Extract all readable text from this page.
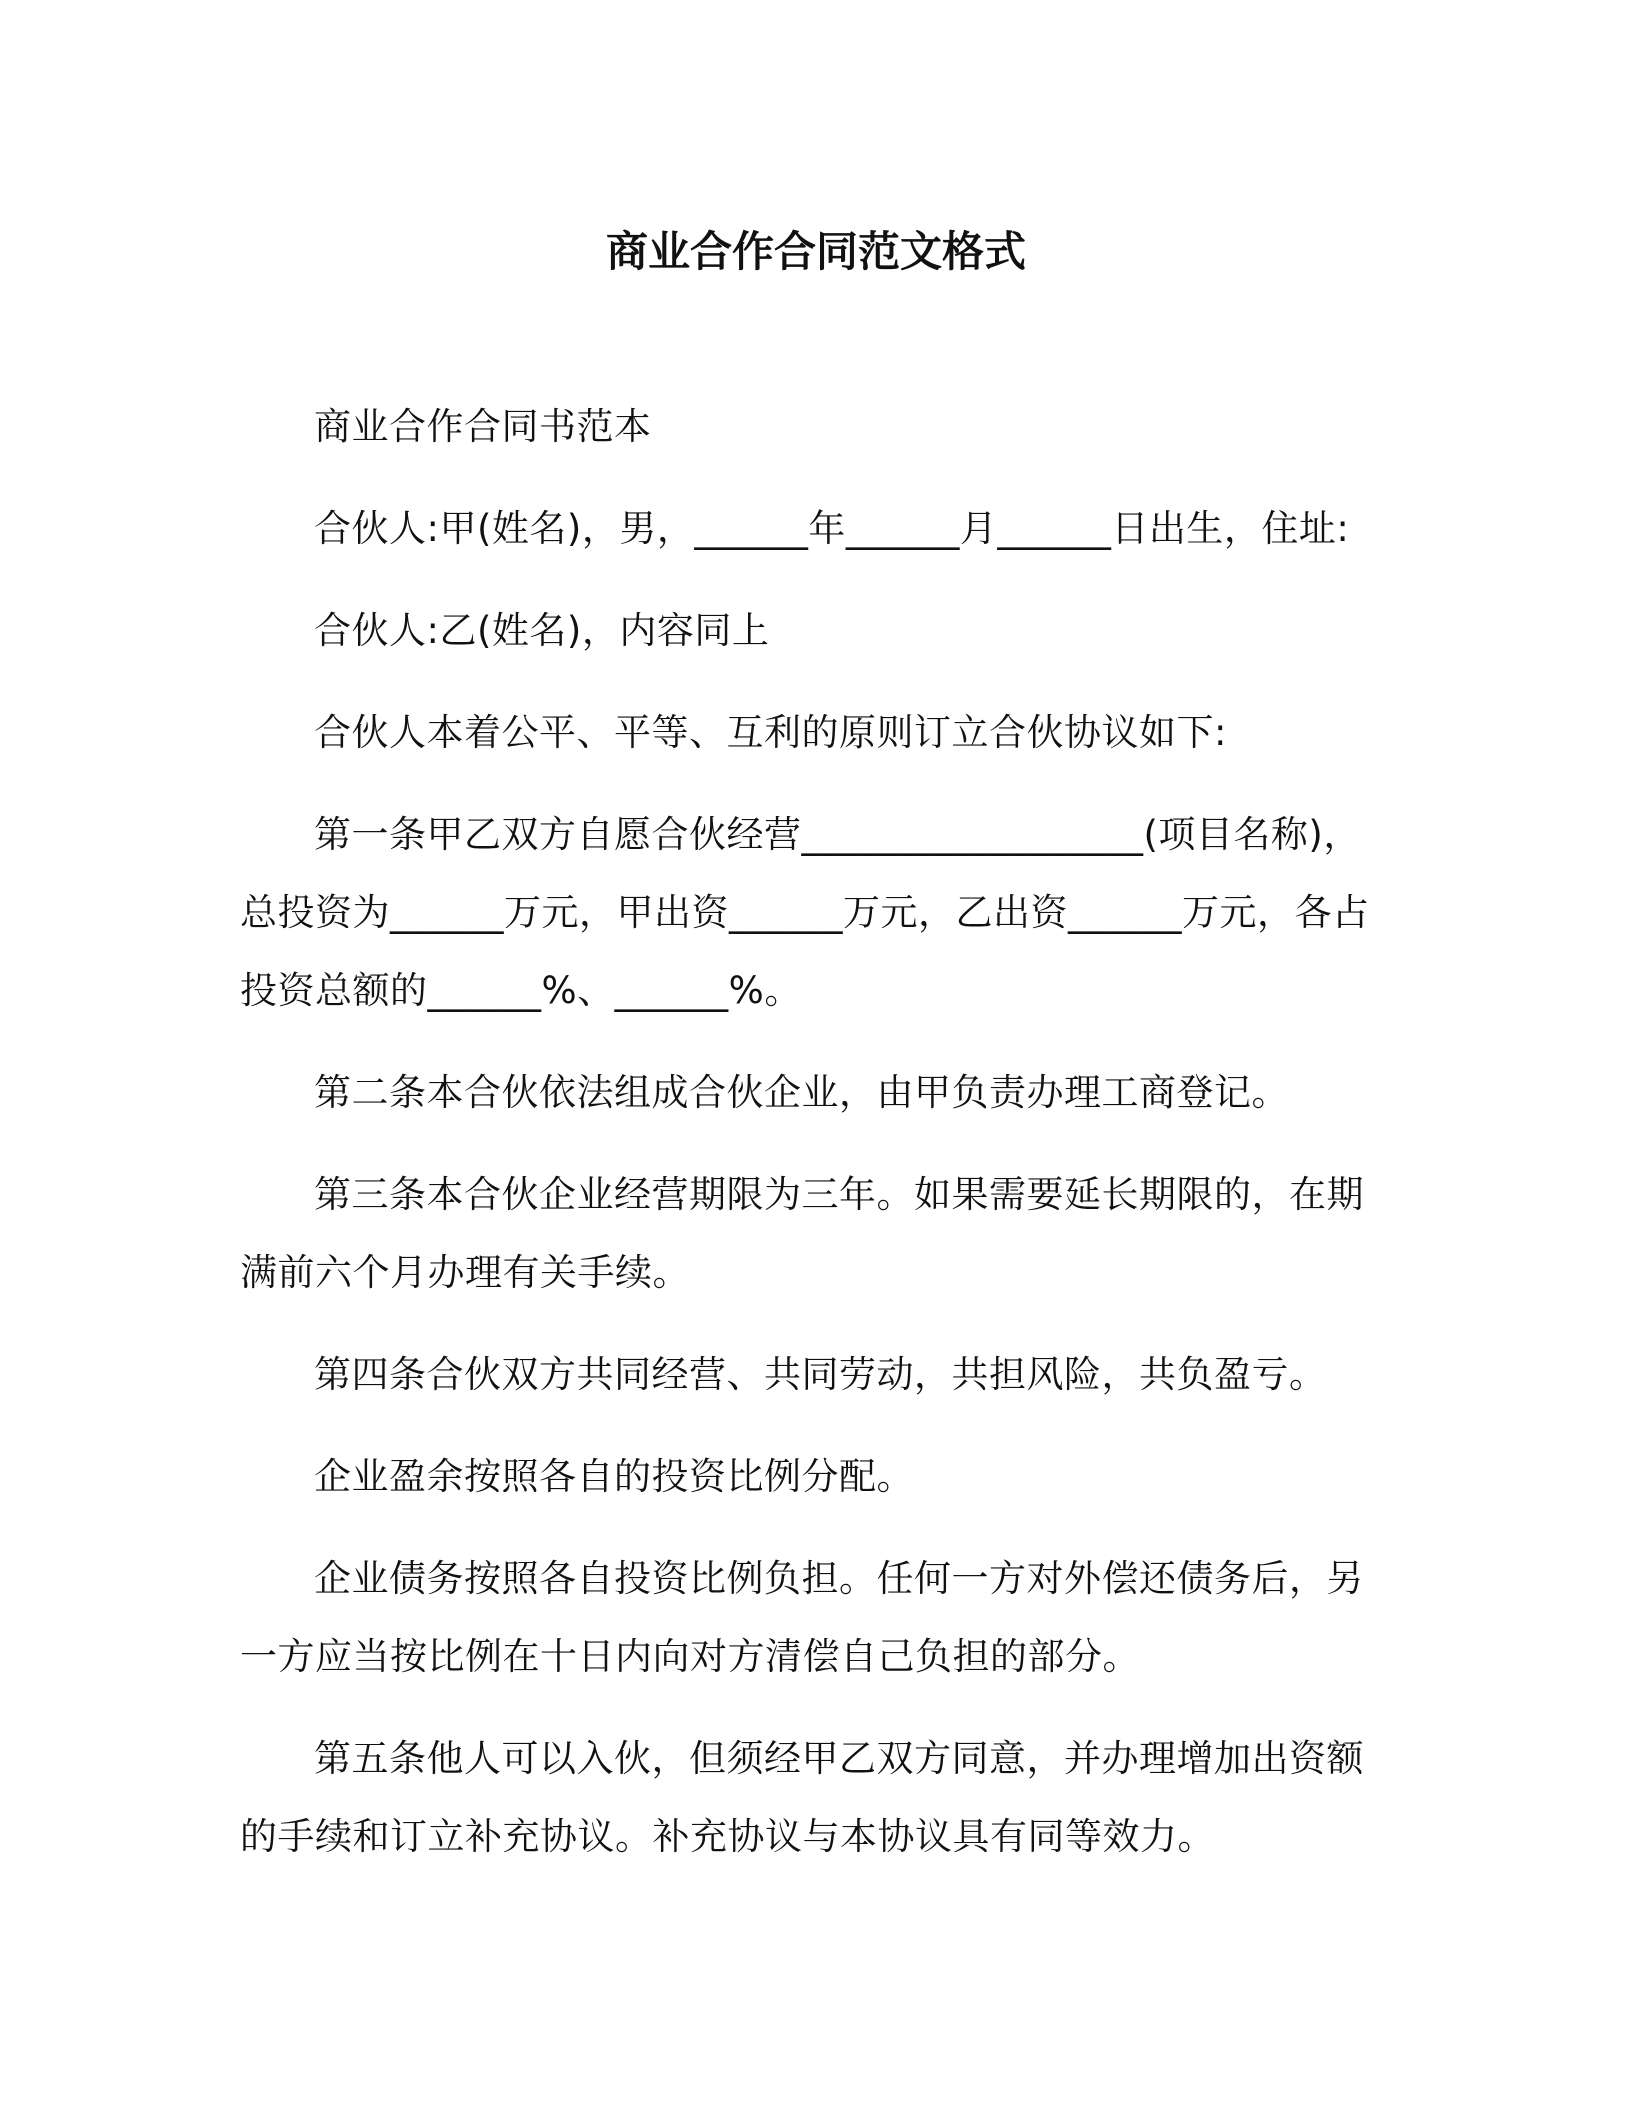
商业合作合同范文格式

商业合作合同书范本

合伙人:甲(姓名)，男，______年______月______日出生，住址:

合伙人:乙(姓名)，内容同上

合伙人本着公平、平等、互利的原则订立合伙协议如下:

第一条甲乙双方自愿合伙经营__________________(项目名称)，总投资为______万元，甲出资______万元，乙出资______万元，各占投资总额的______%、______%。

第二条本合伙依法组成合伙企业，由甲负责办理工商登记。

第三条本合伙企业经营期限为三年。如果需要延长期限的，在期满前六个月办理有关手续。

第四条合伙双方共同经营、共同劳动，共担风险，共负盈亏。

企业盈余按照各自的投资比例分配。

企业债务按照各自投资比例负担。任何一方对外偿还债务后，另一方应当按比例在十日内向对方清偿自己负担的部分。

第五条他人可以入伙，但须经甲乙双方同意，并办理增加出资额的手续和订立补充协议。补充协议与本协议具有同等效力。
